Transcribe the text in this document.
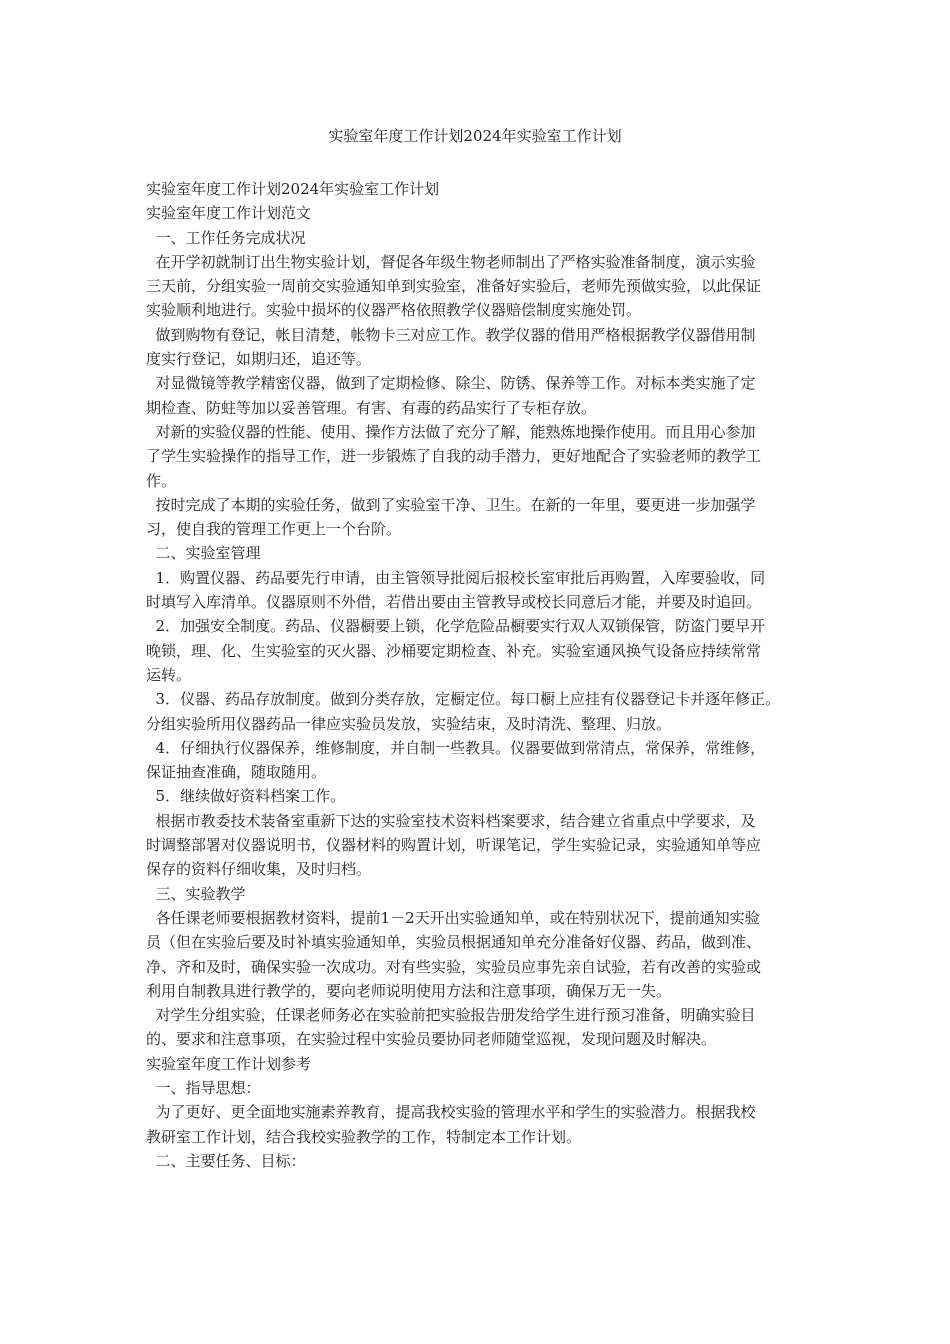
实验室年度工作计划2024年实验室工作计划
实验室年度工作计划2024年实验室工作计划
实验室年度工作计划范文
一、工作任务完成状况
在开学初就制订出生物实验计划，督促各年级生物老师制出了严格实验准备制度，演示实验
三天前，分组实验一周前交实验通知单到实验室，准备好实验后，老师先预做实验，以此保证
实验顺利地进行。实验中损坏的仪器严格依照教学仪器赔偿制度实施处罚。
做到购物有登记，帐目清楚，帐物卡三对应工作。教学仪器的借用严格根据教学仪器借用制
度实行登记，如期归还，追还等。
对显微镜等教学精密仪器，做到了定期检修、除尘、防锈、保养等工作。对标本类实施了定
期检查、防蛀等加以妥善管理。有害、有毒的药品实行了专柜存放。
对新的实验仪器的性能、使用、操作方法做了充分了解，能熟炼地操作使用。而且用心参加
了学生实验操作的指导工作，进一步锻炼了自我的动手潜力，更好地配合了实验老师的教学工
作。
按时完成了本期的实验任务，做到了实验室干净、卫生。在新的一年里，要更进一步加强学
习，使自我的管理工作更上一个台阶。
二、实验室管理
1．购置仪器、药品要先行申请，由主管领导批阅后报校长室审批后再购置，入库要验收，同
时填写入库清单。仪器原则不外借，若借出要由主管教导或校长同意后才能，并要及时追回。
2．加强安全制度。药品、仪器橱要上锁，化学危险品橱要实行双人双锁保管，防盗门要早开
晚锁，理、化、生实验室的灭火器、沙桶要定期检查、补充。实验室通风换气设备应持续常常
运转。
3．仪器、药品存放制度。做到分类存放，定橱定位。每口橱上应挂有仪器登记卡并逐年修正。
分组实验所用仪器药品一律应实验员发放，实验结束，及时清洗、整理、归放。
4．仔细执行仪器保养，维修制度，并自制一些教具。仪器要做到常清点，常保养，常维修，
保证抽查准确，随取随用。
5．继续做好资料档案工作。
根据市教委技术装备室重新下达的实验室技术资料档案要求，结合建立省重点中学要求，及
时调整部署对仪器说明书，仪器材料的购置计划，听课笔记，学生实验记录，实验通知单等应
保存的资料仔细收集，及时归档。
三、实验教学
各任课老师要根据教材资料，提前1－2天开出实验通知单，或在特别状况下，提前通知实验
员（但在实验后要及时补填实验通知单，实验员根据通知单充分准备好仪器、药品，做到准、
净、齐和及时，确保实验一次成功。对有些实验，实验员应事先亲自试验，若有改善的实验或
利用自制教具进行教学的，要向老师说明使用方法和注意事项，确保万无一失。
对学生分组实验，任课老师务必在实验前把实验报告册发给学生进行预习准备，明确实验目
的、要求和注意事项，在实验过程中实验员要协同老师随堂巡视，发现问题及时解决。
实验室年度工作计划参考
一、指导思想：
为了更好、更全面地实施素养教育，提高我校实验的管理水平和学生的实验潜力。根据我校
教研室工作计划，结合我校实验教学的工作，特制定本工作计划。
二、主要任务、目标：
